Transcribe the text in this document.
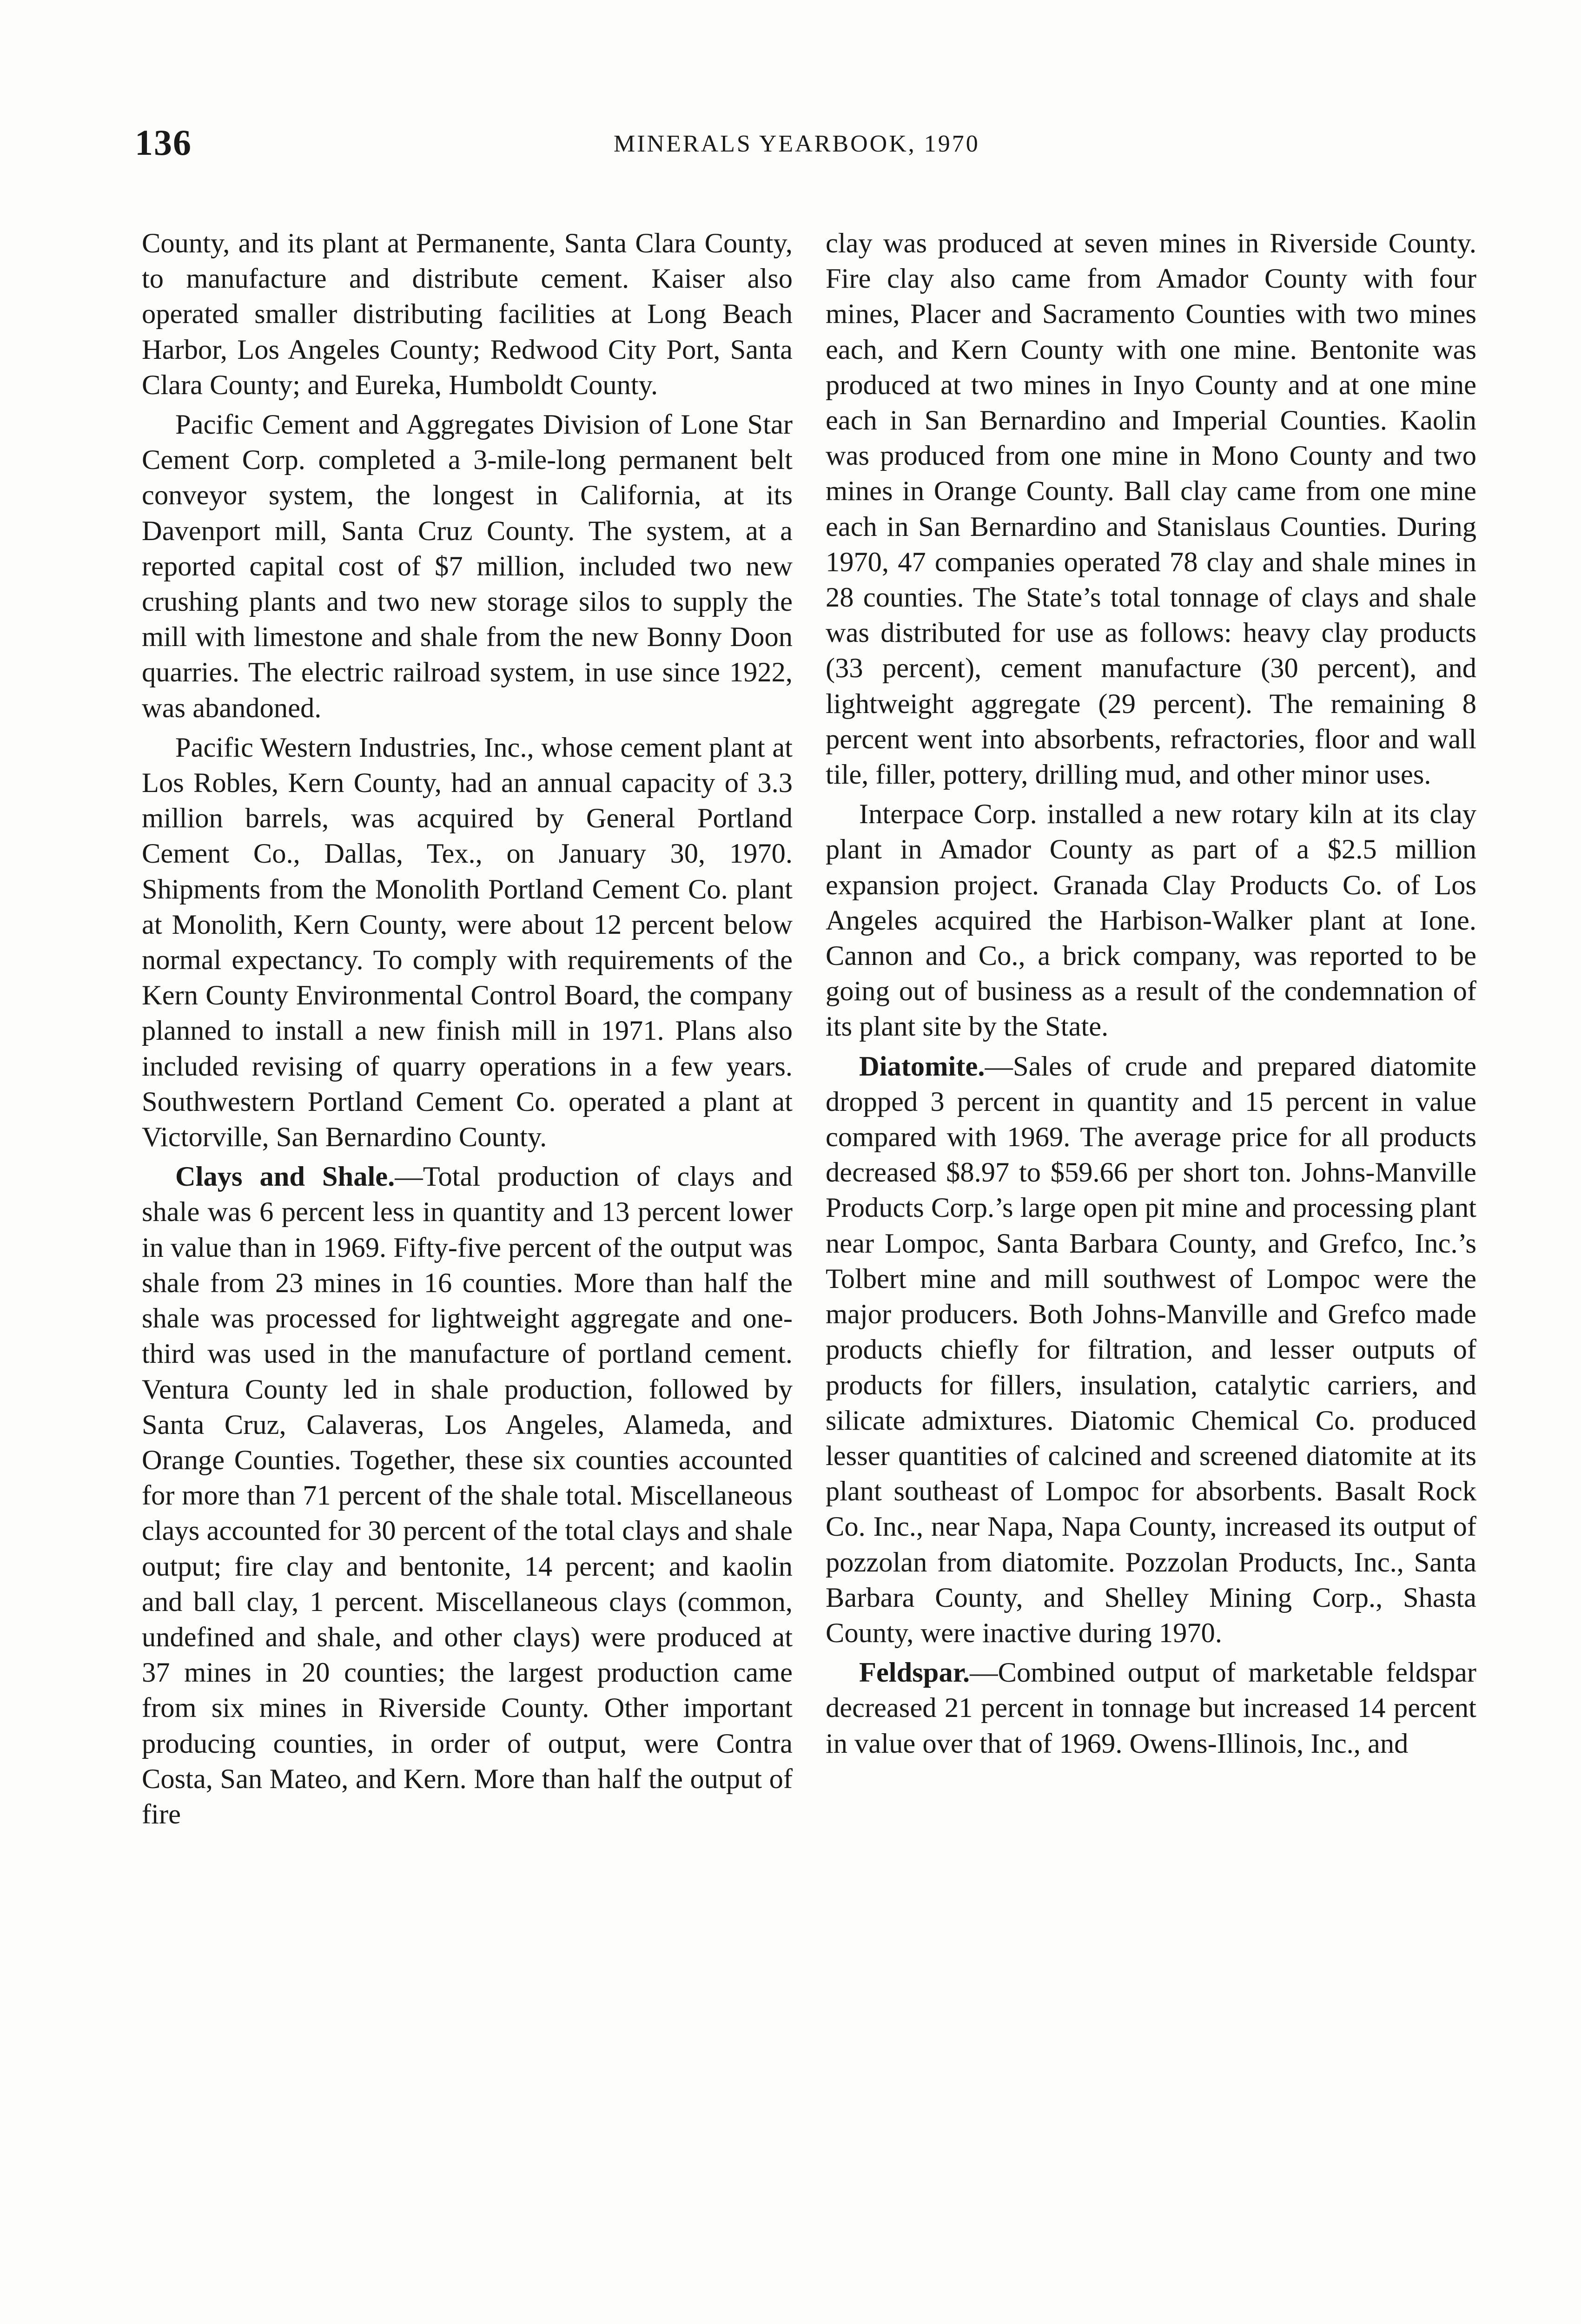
136	MINERALS YEARBOOK, 1970

County, and its plant at Permanente, Santa Clara County, to manufacture and distribute cement. Kaiser also operated smaller distributing facilities at Long Beach Harbor, Los Angeles County; Redwood City Port, Santa Clara County; and Eureka, Humboldt County.

Pacific Cement and Aggregates Division of Lone Star Cement Corp. completed a 3-mile-long permanent belt conveyor system, the longest in California, at its Davenport mill, Santa Cruz County. The system, at a reported capital cost of $7 million, included two new crushing plants and two new storage silos to supply the mill with limestone and shale from the new Bonny Doon quarries. The electric railroad system, in use since 1922, was abandoned.

Pacific Western Industries, Inc., whose cement plant at Los Robles, Kern County, had an annual capacity of 3.3 million barrels, was acquired by General Portland Cement Co., Dallas, Tex., on January 30, 1970. Shipments from the Monolith Portland Cement Co. plant at Monolith, Kern County, were about 12 percent below normal expectancy. To comply with requirements of the Kern County Environmental Control Board, the company planned to install a new finish mill in 1971. Plans also included revising of quarry operations in a few years. Southwestern Portland Cement Co. operated a plant at Victorville, San Bernardino County.

Clays and Shale.—Total production of clays and shale was 6 percent less in quantity and 13 percent lower in value than in 1969. Fifty-five percent of the output was shale from 23 mines in 16 counties. More than half the shale was processed for lightweight aggregate and one-third was used in the manufacture of portland cement. Ventura County led in shale production, followed by Santa Cruz, Calaveras, Los Angeles, Alameda, and Orange Counties. Together, these six counties accounted for more than 71 percent of the shale total. Miscellaneous clays accounted for 30 percent of the total clays and shale output; fire clay and bentonite, 14 percent; and kaolin and ball clay, 1 percent. Miscellaneous clays (common, undefined and shale, and other clays) were produced at 37 mines in 20 counties; the largest production came from six mines in Riverside County. Other important producing counties, in order of output, were Contra Costa, San Mateo, and Kern. More than half the output of fire

clay was produced at seven mines in Riverside County. Fire clay also came from Amador County with four mines, Placer and Sacramento Counties with two mines each, and Kern County with one mine. Bentonite was produced at two mines in Inyo County and at one mine each in San Bernardino and Imperial Counties. Kaolin was produced from one mine in Mono County and two mines in Orange County. Ball clay came from one mine each in San Bernardino and Stanislaus Counties. During 1970, 47 companies operated 78 clay and shale mines in 28 counties. The State’s total tonnage of clays and shale was distributed for use as follows: heavy clay products (33 percent), cement manufacture (30 percent), and lightweight aggregate (29 percent). The remaining 8 percent went into absorbents, refractories, floor and wall tile, filler, pottery, drilling mud, and other minor uses.

Interpace Corp. installed a new rotary kiln at its clay plant in Amador County as part of a $2.5 million expansion project. Granada Clay Products Co. of Los Angeles acquired the Harbison-Walker plant at Ione. Cannon and Co., a brick company, was reported to be going out of business as a result of the condemnation of its plant site by the State.

Diatomite.—Sales of crude and prepared diatomite dropped 3 percent in quantity and 15 percent in value compared with 1969. The average price for all products decreased $8.97 to $59.66 per short ton. Johns-Manville Products Corp.’s large open pit mine and processing plant near Lompoc, Santa Barbara County, and Grefco, Inc.’s Tolbert mine and mill southwest of Lompoc were the major producers. Both Johns-Manville and Grefco made products chiefly for filtration, and lesser outputs of products for fillers, insulation, catalytic carriers, and silicate admixtures. Diatomic Chemical Co. produced lesser quantities of calcined and screened diatomite at its plant southeast of Lompoc for absorbents. Basalt Rock Co. Inc., near Napa, Napa County, increased its output of pozzolan from diatomite. Pozzolan Products, Inc., Santa Barbara County, and Shelley Mining Corp., Shasta County, were inactive during 1970.

Feldspar.—Combined output of marketable feldspar decreased 21 percent in tonnage but increased 14 percent in value over that of 1969. Owens-Illinois, Inc., and
